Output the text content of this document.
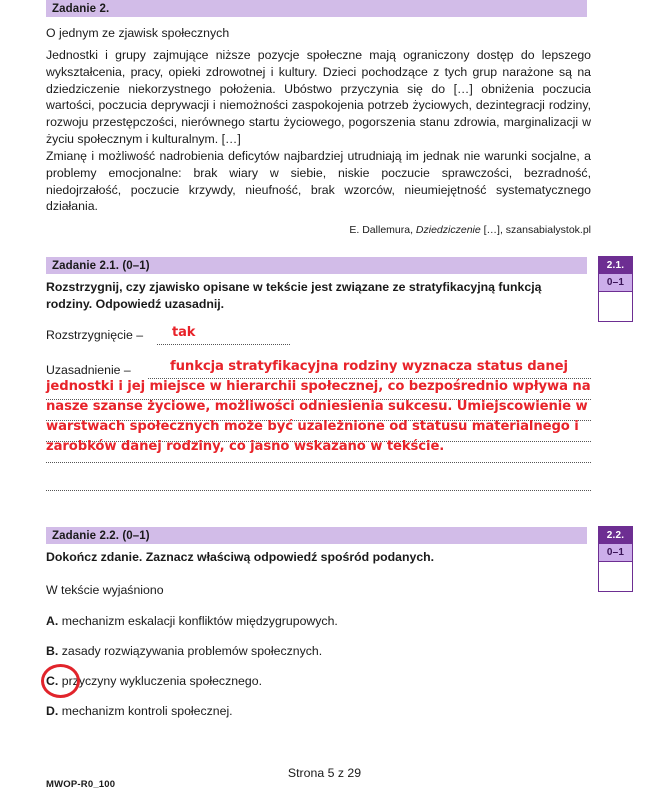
Zadanie 2.
O jednym ze zjawisk społecznych
Jednostki i grupy zajmujące niższe pozycje społeczne mają ograniczony dostęp do lepszego wykształcenia, pracy, opieki zdrowotnej i kultury. Dzieci pochodzące z tych grup narażone są na dziedziczenie niekorzystnego położenia. Ubóstwo przyczynia się do […] obniżenia poczucia wartości, poczucia deprywacji i niemożności zaspokojenia potrzeb życiowych, dezintegracji rodziny, rozwoju przestępczości, nierównego startu życiowego, pogorszenia stanu zdrowia, marginalizacji w życiu społecznym i kulturalnym. […]
Zmianę i możliwość nadrobienia deficytów najbardziej utrudniają im jednak nie warunki socjalne, a problemy emocjonalne: brak wiary w siebie, niskie poczucie sprawczości, bezradność, niedojrzałość, poczucie krzywdy, nieufność, brak wzorców, nieumiejętność systematycznego działania.
E. Dallemura, Dziedziczenie […], szansabialystok.pl
Zadanie 2.1. (0–1)
Rozstrzygnij, czy zjawisko opisane w tekście jest związane ze stratyfikacyjną funkcją rodziny. Odpowiedź uzasadnij.
2.1.
0–1
Rozstrzygnięcie – tak
Uzasadnienie –	funkcja stratyfikacyjna rodziny wyznacza status danej
jednostki i jej miejsce w hierarchii społecznej, co bezpośrednio wpływa na
nasze szanse życiowe, możliwości odniesienia sukcesu. Umiejscowienie w
warstwach społecznych może być uzależnione od statusu materialnego i
zarobków danej rodziny, co jasno wskazano w tekście.
Zadanie 2.2. (0–1)
Dokończ zdanie. Zaznacz właściwą odpowiedź spośród podanych.
2.2.
0–1
W tekście wyjaśniono
A. mechanizm eskalacji konfliktów międzygrupowych.
B. zasady rozwiązywania problemów społecznych.
C. przyczyny wykluczenia społecznego.
D. mechanizm kontroli społecznej.
Strona 5 z 29
MWOP-R0_100
